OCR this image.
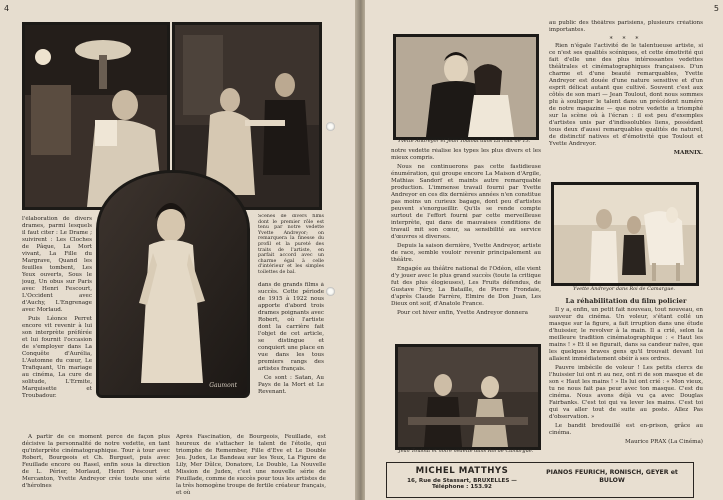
4
Scènes de divers films dont le premier rôle est tenu par notre vedette Yvette Andreyor; on remarquera la finesse du profil et la pureté des traits de l'artiste, en parfait accord avec un charme égal à celle d'intérieur et les simples toilettes de bal.
Gaumont

l'élaboration de divers drames, parmi lesquels il faut citer : Le Drame ; suivirent : Les Cloches de Pâque, La Mort vivant, La Fille du Margrave, Quand les feuilles tombent, Les Yeux ouverts, Sous le joug, Un obus sur Paris avec Henri Fescourt, L'Occident avec d'Auchy, L'Engrenage avec Morlaud.

Puis Léonce Perret encore vit revenir à lui son interprète préférée et lui fournit l'occasion de s'employer dans La Conquête d'Aurélia, L'Automne du cœur, Le Trafiquant, Un mariage au cinéma, La cure de solitude, L'Ermite, Marquisette et Troubadour.

dans de grands films à succès. Cette période de 1915 à 1922 nous apporte d'abord trois drames poignants avec Robert, où l'artiste dont la carrière fait l'objet de cet article, se distingue et conquiert une place en vue dans les tous premiers rangs des artistes français.

Ce sont : Satan, Au Pays de la Mort et Le Revenant.

A partir de ce moment perce de façon plus décisive la personnalité de notre vedette, en tant qu'interprète cinématographique. Tour à tour avec Robert, Bourgeois et Ch. Burguet, puis avec Feuillade encore ou Rasel, enfin sous la direction de L. Périer, Morlaud, Henri Pescourt et Mercanton, Yvette Andreyor crée toute une série d'héroïnes

Après Fascination, de Bourgeois, Feuillade, est heureux de s'attacher le talent de l'étoile, qui triomphe de Remember, Fille d'Eve et Le Double Jeu. Judex, Le Bandeau sur les Yeux, La Figure de Lily, Mer Dûlce, Donatore, Le Double, La Nouvelle Mission de Judex, c'est une nouvelle série de Feuillade, comme de succès pour tous les artistes de la très homogène troupe de fertile créateur français, et où

5
Yvette Andreyor et Jean Toulout dans La Nuit de 13.

notre vedette réalise les types les plus divers et les mieux compris.

Nous ne continuerons pas cette fastidieuse énumération, qui groupe encore La Maison d'Argile, Mathias Sandorf et maints autre remarquable production. L'immense travail fourni par Yvette Andreyor en ces dix dernières années n'en constitue pas moins un curieux bagage, dont peu d'artistes peuvent s'enorgueillir. Qu'ils se rende compte surtout de l'effort fourni par cette merveilleuse interprète, qui dans de mauvaises conditions de travail mit son cœur, sa sensibilité au service d'œuvres si diverses.

Depuis la saison dernière, Yvette Andreyor, artiste de race, semble vouloir revenir principalement au théâtre.

Engagée au théâtre national de l'Odéon, elle vient d'y jouer avec le plus grand succès (toute la critique fut des plus élogieuses), Les Fruits défendus, de Gustave Féry, La Bataille, de Pierre Frondaie, d'après Claude Farrère, Elmire de Don Juan, Les Dieux ont soif, d'Anatole France.

Pour cet hiver enfin, Yvette Andreyor donnera

Jean Toulout et notre vedette dans Roi de Camargue.

au public des théâtres parisiens, plusieurs créations importantes.

* * *

Rien n'égale l'activité de le talentueuse artiste, si ce n'est ses qualités scéniques, et cette émotivité qui fait d'elle une des plus intéressantes vedettes théâtrales et cinématographiques françaises. D'un charme et d'une beauté remarquables, Yvette Andreyor est douée d'une nature sensitive et d'un esprit délicat autant que cultivé. Souvent c'est aux côtés de son mari — Jean Toulout, dont nous sommes plu à souligner le talent dans un précédent numéro de notre magazine — que notre vedette a triomphé sur la scène où à l'écran : il est peu d'exemples d'artistes unis par d'indissolubles liens, possédant tous deux d'aussi remarquables qualités de naturel, de distinctif natives et d'émotivité que Toulout et Yvette Andreyor.

MARNIX.
Yvette Andreyor dans Roi de Camargue.
La réhabilitation du film policier

Il y a, enfin, un petit fait nouveau, tout nouveau, en sauveur du cinéma. Un voleur, s'étant collé un masque sur la figure, a fait irruption dans une étude d'huissier, le revolver à la main. Il a crié, selon la meilleure tradition cinématographique : « Haut les mains ! » Et il se figurait, dans sa candeur naïve, que les quelques braves gens qu'il trouvait devant lui allaient immédiatement obéir à ses ordres.

Pauvre imbécile de voleur ! Les petits clercs de l'huissier lui ont ri au nez, ont ri de son masque et de son « Haut les mains ! » Ils lui ont crié : « Mon vieux, tu ne nous fait pas peur avec ton masque. C'est du cinéma. Nous avons déjà vu ça avec Douglas Fairbanks. C'est toi qui va lever les mains. C'est toi qui va aller tout de suite au poste. Allez Pas d'observation. »

Le bandit bredouillé est en-prison, grâce au cinéma.

Maurice PRAX (La Cinéma)
MICHEL MATTHYS
16, Rue de Stassart, BRUXELLES — Téléphone : 153.92
PIANOS FEURICH, RONISCH, GEYER et BULOW
